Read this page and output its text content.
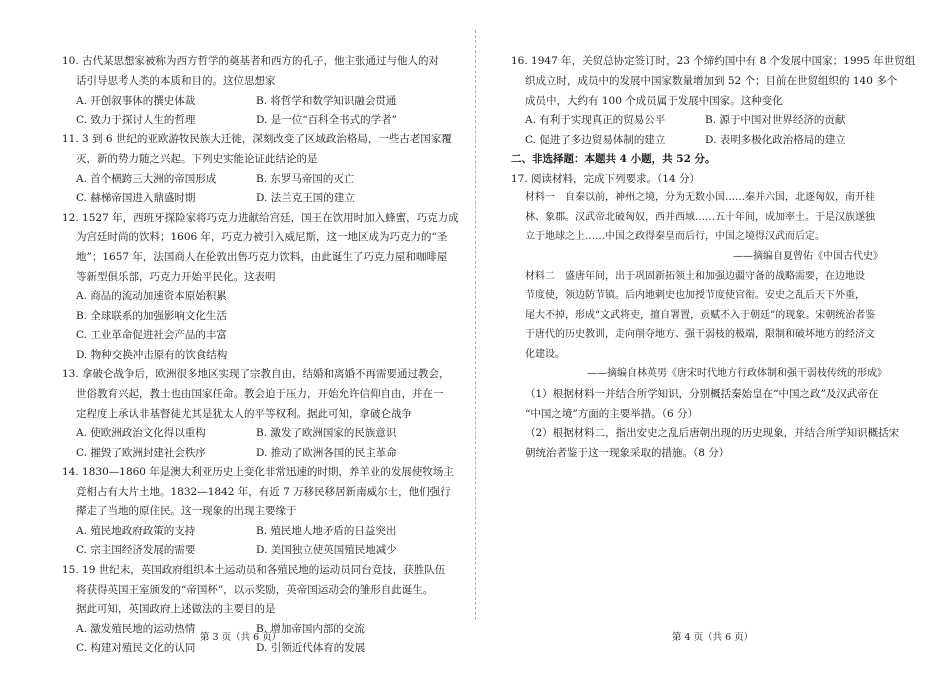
10. 古代某思想家被称为西方哲学的奠基者和西方的孔子，他主张通过与他人的对
话引导思考人类的本质和目的。这位思想家
A. 开创叙事体的撰史体裁	B. 将哲学和数学知识融会贯通
C. 致力于探讨人生的哲理	D. 是一位“百科全书式的学者”
11. 3 到 6 世纪的亚欧游牧民族大迁徙，深刻改变了区域政治格局，一些古老国家覆
灭，新的势力随之兴起。下列史实能论证此结论的是
A. 首个横跨三大洲的帝国形成	B. 东罗马帝国的灭亡
C. 赫梯帝国进入鼎盛时期	D. 法兰克王国的建立
12. 1527 年，西班牙探险家将巧克力进献给宫廷，国王在饮用时加入蜂蜜，巧克力成
为宫廷时尚的饮料；1606 年，巧克力被引入威尼斯，这一地区成为巧克力的“圣
地”；1657 年，法国商人在伦敦出售巧克力饮料，由此诞生了巧克力屋和咖啡屋
等新型俱乐部，巧克力开始平民化。这表明
A. 商品的流动加速资本原始积累
B. 全球联系的加强影响文化生活
C. 工业革命促进社会产品的丰富
D. 物种交换冲击原有的饮食结构
13. 拿破仑战争后，欧洲很多地区实现了宗教自由，结婚和离婚不再需要通过教会，
世俗教育兴起，教士也由国家任命。教会迫于压力，开始允许信仰自由，并在一
定程度上承认非基督徒尤其是犹太人的平等权利。据此可知，拿破仑战争
A. 使欧洲政治文化得以重构	B. 激发了欧洲国家的民族意识
C. 摧毁了欧洲封建社会秩序	D. 推动了欧洲各国的民主革命
14. 1830—1860 年是澳大利亚历史上变化非常迅速的时期，养羊业的发展使牧场主
竞相占有大片土地。1832—1842 年，有近 7 万移民移居新南威尔士，他们强行
撵走了当地的原住民。这一现象的出现主要缘于
A. 殖民地政府政策的支持	B. 殖民地人地矛盾的日益突出
C. 宗主国经济发展的需要	D. 美国独立使英国殖民地减少
15. 19 世纪末，英国政府组织本土运动员和各殖民地的运动员同台竞技，获胜队伍
将获得英国王室颁发的“帝国杯”，以示奖励，英帝国运动会的雏形自此诞生。
据此可知，英国政府上述做法的主要目的是
A. 激发殖民地的运动热情	B. 增加帝国内部的交流
C. 构建对殖民文化的认同	D. 引领近代体育的发展
16. 1947 年，关贸总协定签订时，23 个缔约国中有 8 个发展中国家；1995 年世贸组
织成立时，成员中的发展中国家数量增加到 52 个；目前在世贸组织的 140 多个
成员中，大约有 100 个成员属于发展中国家。这种变化
A. 有利于实现真正的贸易公平	B. 源于中国对世界经济的贡献
C. 促进了多边贸易体制的建立	D. 表明多极化政治格局的建立
二、非选择题：本题共 4 小题，共 52 分。
17. 阅读材料，完成下列要求。（14 分）
材料一　自秦以前，神州之境，分为无数小国……秦并六国，北逐匈奴，南开桂
林、象郡。汉武帝北破匈奴，西并西域……五十年间，成加率土。于是汉族遂独
立于地球之上……中国之政得秦皇而后行，中国之境得汉武而后定。
——摘编自夏曾佑《中国古代史》
材料二　盛唐年间，出于巩固新拓领土和加强边疆守备的战略需要，在边地设
节度使，领边防节镇。后内地剌史也加授节度使官衔。安史之乱后天下外重，
尾大不掉，形成“文武将吏，擅自署置，贡赋不入于朝廷”的现象。宋朝统治者鉴
于唐代的历史教训，走向削夺地方、强干弱枝的极端，限制和破坏地方的经济文
化建设。
——摘编自林英男《唐宋时代地方行政体制和强干弱枝传统的形成》
（1）根据材料一并结合所学知识，分别概括秦始皇在“中国之政”及汉武帝在
“中国之境”方面的主要举措。（6 分）
（2）根据材料二，指出安史之乱后唐朝出现的历史现象，并结合所学知识概括宋
朝统治者鉴于这一现象采取的措施。（8 分）
第 3 页（共 6 页）	第 4 页（共 6 页）
